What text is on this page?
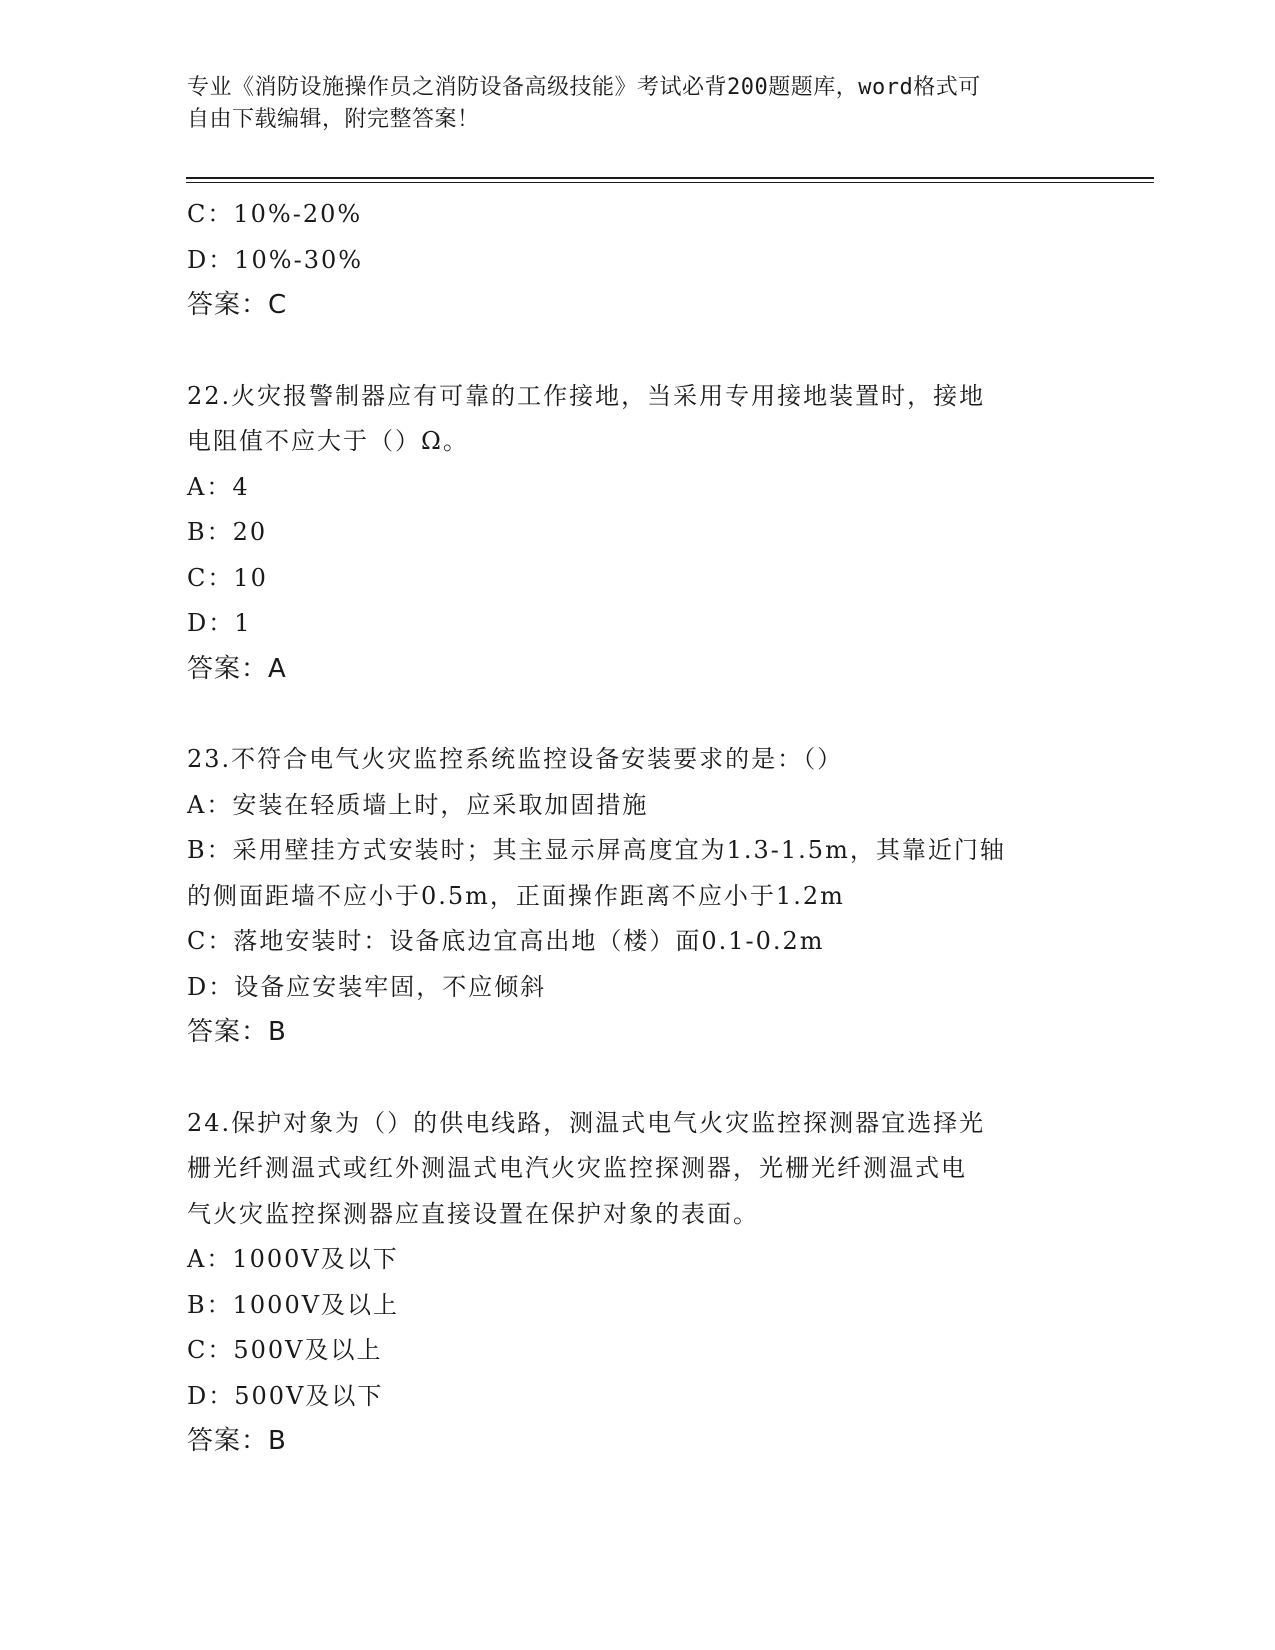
专业《消防设施操作员之消防设备高级技能》考试必背200题题库，word格式可
自由下载编辑，附完整答案！
C：10%-20%
D：10%-30%
答案：C
22.火灾报警制器应有可靠的工作接地，当采用专用接地装置时，接地
电阻值不应大于（）Ω。
A：4
B：20
C：10
D：1
答案：A
23.不符合电气火灾监控系统监控设备安装要求的是：（）
A：安装在轻质墙上时，应采取加固措施
B：采用壁挂方式安装时；其主显示屏高度宜为1.3-1.5m，其靠近门轴
的侧面距墙不应小于0.5m，正面操作距离不应小于1.2m
C：落地安装时：设备底边宜高出地（楼）面0.1-0.2m
D：设备应安装牢固，不应倾斜
答案：B
24.保护对象为（）的供电线路，测温式电气火灾监控探测器宜选择光
栅光纤测温式或红外测温式电汽火灾监控探测器，光栅光纤测温式电
气火灾监控探测器应直接设置在保护对象的表面。
A：1000V及以下
B：1000V及以上
C：500V及以上
D：500V及以下
答案：B
